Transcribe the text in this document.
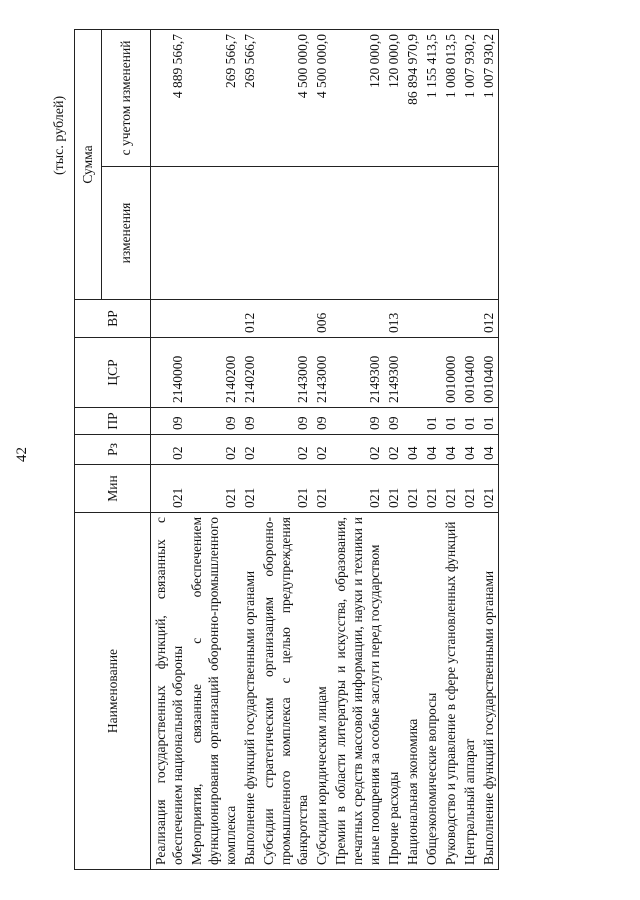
42
(тыс. рублей)
Наименование	Мин	Рз	ПР	ЦСР	ВР	Сумма	
						изменения	с учетом изменений
Реализация государственных функций, связанных с обеспечением национальной обороны	021	02	09	2140000			4 889 566,7
Мероприятия, связанные с обеспечением функционирования организаций оборонно-промышленного комплекса	021	02	09	2140200			269 566,7
Выполнение функций государственными органами	021	02	09	2140200	012		269 566,7
Субсидии стратегическим организациям оборонно-промышленного комплекса с целью предупреждения банкротства	021	02	09	2143000			4 500 000,0
Субсидии юридическим лицам	021	02	09	2143000	006		4 500 000,0
Премии в области литературы и искусства, образования, печатных средств массовой информации, науки и техники и иные поощрения за особые заслуги перед государством	021	02	09	2149300			120 000,0
Прочие расходы	021	02	09	2149300	013		120 000,0
Национальная экономика	021	04					86 894 970,9
Общеэкономические вопросы	021	04	01				1 155 413,5
Руководство и управление в сфере установленных функций	021	04	01	0010000			1 008 013,5
Центральный аппарат	021	04	01	0010400			1 007 930,2
Выполнение функций государственными органами	021	04	01	0010400	012		1 007 930,2
